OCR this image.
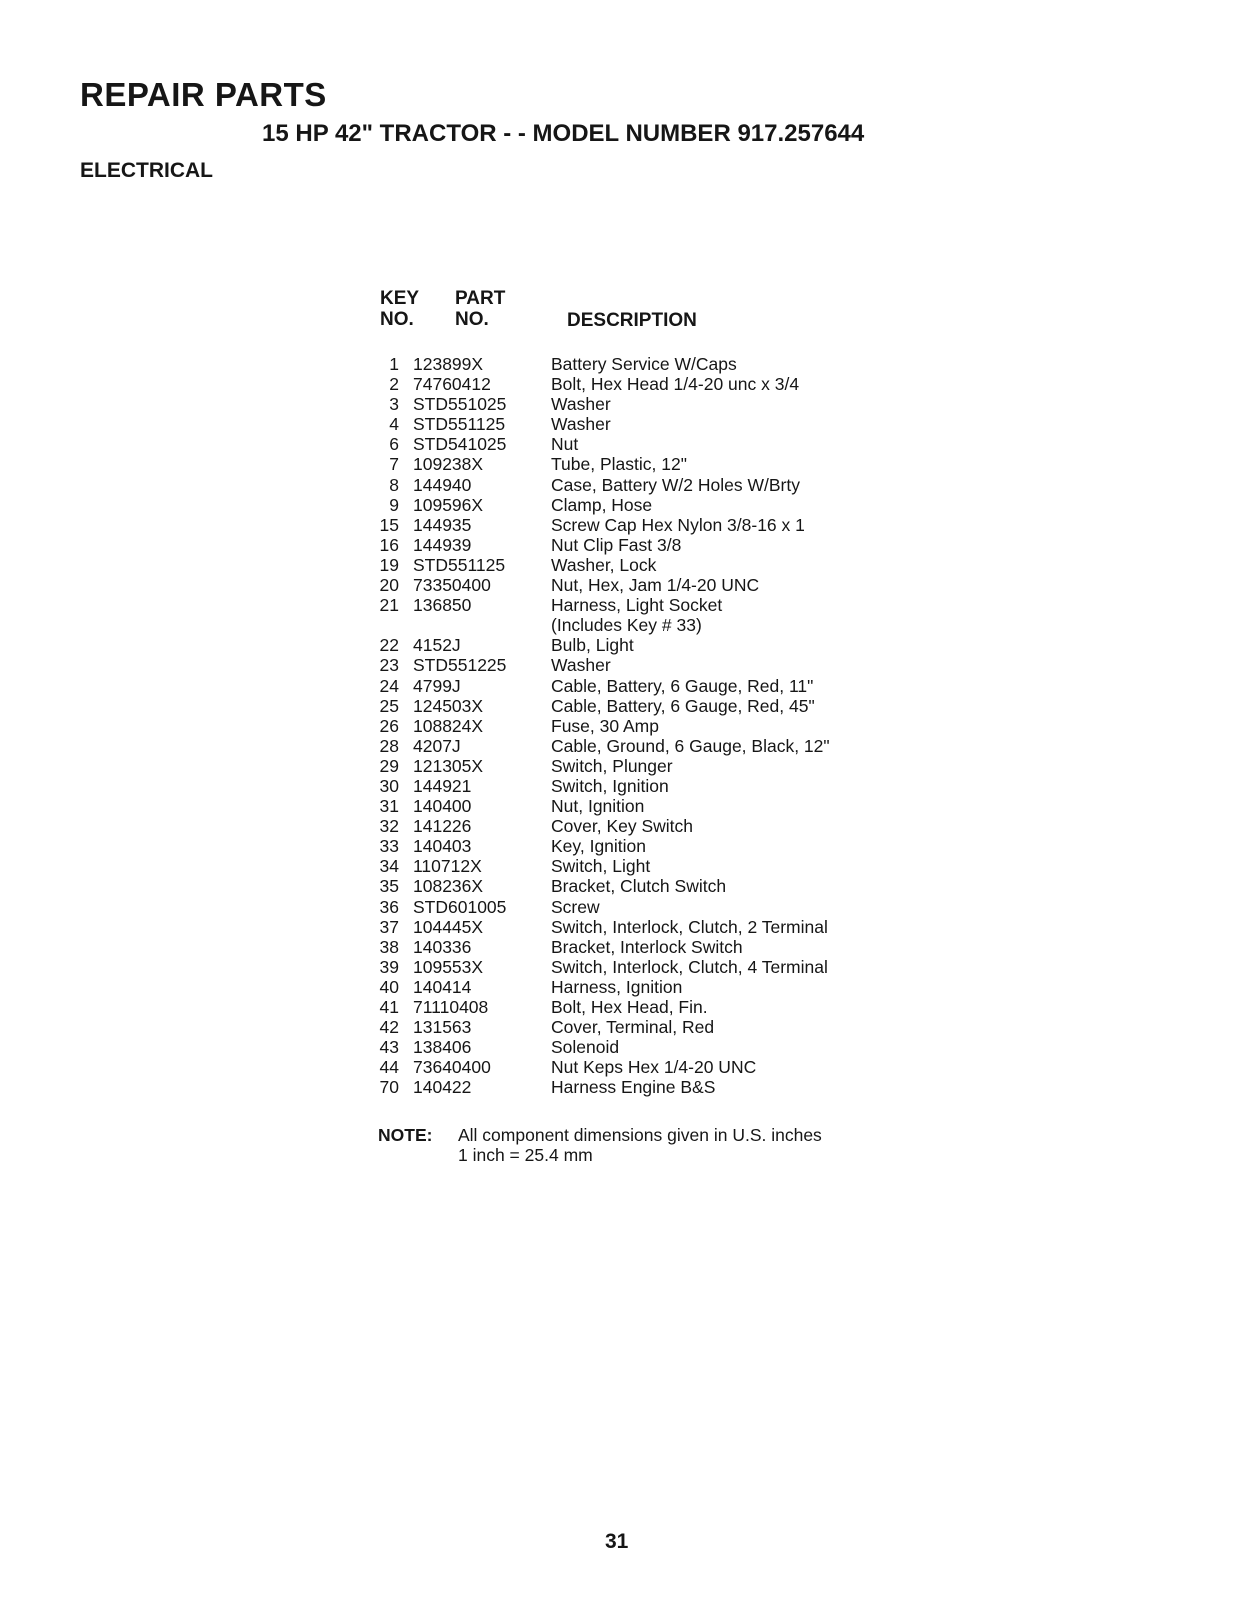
REPAIR PARTS
15 HP 42" TRACTOR - - MODEL NUMBER 917.257644
ELECTRICAL
KEY
NO.
PART
NO.	DESCRIPTION
1 123899X	Battery Service W/Caps
2 74760412	Bolt, Hex Head 1/4-20 unc x 3/4
3 STD551025	Washer
4 STD551125	Washer
6 STD541025	Nut
7 109238X	Tube, Plastic, 12"
8 144940	Case, Battery W/2 Holes W/Brty
9 109596X	Clamp, Hose
15 144935	Screw Cap Hex Nylon 3/8-16 x 1
16 144939	Nut Clip Fast 3/8
19 STD551125	Washer, Lock
20 73350400	Nut, Hex, Jam 1/4-20 UNC
21 136850	Harness, Light Socket
(Includes Key # 33)
22 4152J	Bulb, Light
23 STD551225	Washer
24 4799J	Cable, Battery, 6 Gauge, Red, 11"
25 124503X	Cable, Battery, 6 Gauge, Red, 45"
26 108824X	Fuse, 30 Amp
28 4207J	Cable, Ground, 6 Gauge, Black, 12"
29 121305X	Switch, Plunger
30 144921	Switch, Ignition
31 140400	Nut, Ignition
32 141226	Cover, Key Switch
33 140403	Key, Ignition
34 110712X	Switch, Light
35 108236X	Bracket, Clutch Switch
36 STD601005	Screw
37 104445X	Switch, Interlock, Clutch, 2 Terminal
38 140336	Bracket, Interlock Switch
39 109553X	Switch, Interlock, Clutch, 4 Terminal
40 140414	Harness, Ignition
41 71110408	Bolt, Hex Head, Fin.
42 131563	Cover, Terminal, Red
43 138406	Solenoid
44 73640400	Nut Keps Hex 1/4-20 UNC
70 140422	Harness Engine B&S
NOTE: All component dimensions given in U.S. inches
1 inch = 25.4 mm
31
